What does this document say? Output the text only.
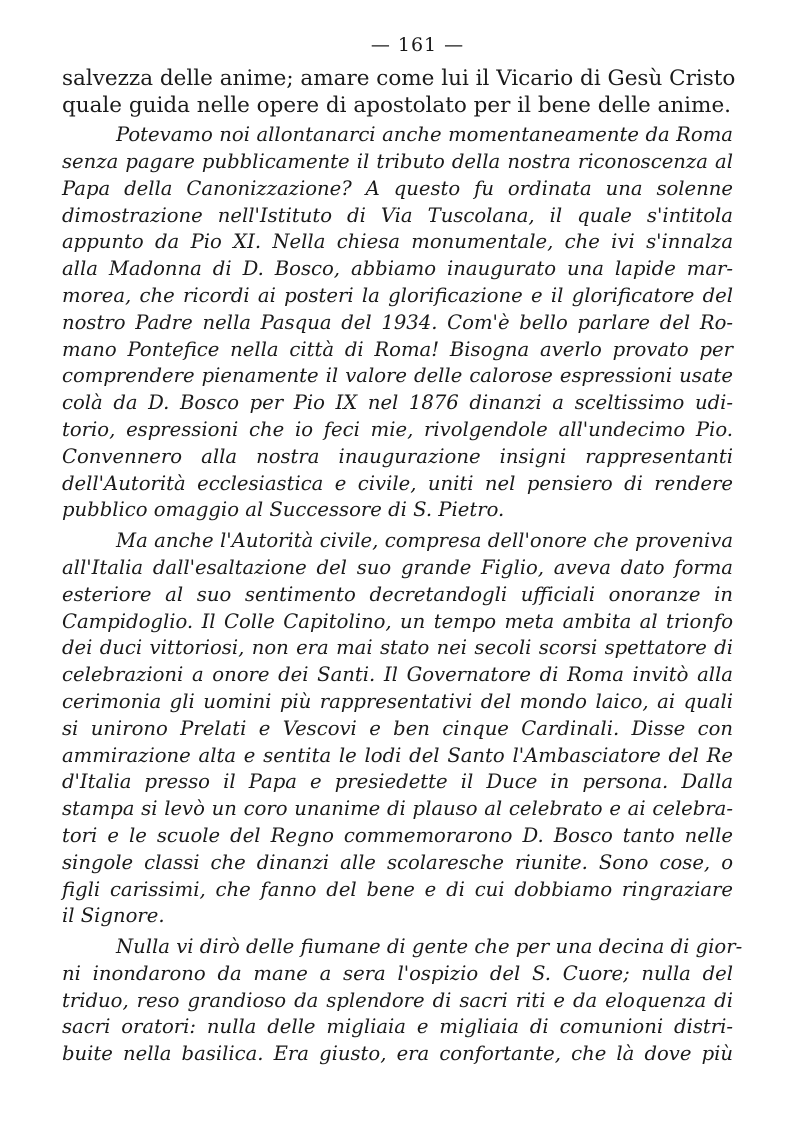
— 161 —
salvezza delle anime; amare come lui il Vicario di Gesù Cristo
quale guida nelle opere di apostolato per il bene delle anime.
Potevamo noi allontanarci anche momentaneamente da Roma
senza pagare pubblicamente il tributo della nostra riconoscenza al
Papa della Canonizzazione? A questo fu ordinata una solenne
dimostrazione nell'Istituto di Via Tuscolana, il quale s'intitola
appunto da Pio XI. Nella chiesa monumentale, che ivi s'innalza
alla Madonna di D. Bosco, abbiamo inaugurato una lapide mar-
morea, che ricordi ai posteri la glorificazione e il glorificatore del
nostro Padre nella Pasqua del 1934. Com'è bello parlare del Ro-
mano Pontefice nella città di Roma! Bisogna averlo provato per
comprendere pienamente il valore delle calorose espressioni usate
colà da D. Bosco per Pio IX nel 1876 dinanzi a sceltissimo udi-
torio, espressioni che io feci mie, rivolgendole all'undecimo Pio.
Convennero alla nostra inaugurazione insigni rappresentanti
dell'Autorità ecclesiastica e civile, uniti nel pensiero di rendere
pubblico omaggio al Successore di S. Pietro.
Ma anche l'Autorità civile, compresa dell'onore che proveniva
all'Italia dall'esaltazione del suo grande Figlio, aveva dato forma
esteriore al suo sentimento decretandogli ufficiali onoranze in
Campidoglio. Il Colle Capitolino, un tempo meta ambita al trionfo
dei duci vittoriosi, non era mai stato nei secoli scorsi spettatore di
celebrazioni a onore dei Santi. Il Governatore di Roma invitò alla
cerimonia gli uomini più rappresentativi del mondo laico, ai quali
si unirono Prelati e Vescovi e ben cinque Cardinali. Disse con
ammirazione alta e sentita le lodi del Santo l'Ambasciatore del Re
d'Italia presso il Papa e presiedette il Duce in persona. Dalla
stampa si levò un coro unanime di plauso al celebrato e ai celebra-
tori e le scuole del Regno commemorarono D. Bosco tanto nelle
singole classi che dinanzi alle scolaresche riunite. Sono cose, o
figli carissimi, che fanno del bene e di cui dobbiamo ringraziare
il Signore.
Nulla vi dirò delle fiumane di gente che per una decina di gior-
ni inondarono da mane a sera l'ospizio del S. Cuore; nulla del
triduo, reso grandioso da splendore di sacri riti e da eloquenza di
sacri oratori: nulla delle migliaia e migliaia di comunioni distri-
buite nella basilica. Era giusto, era confortante, che là dove più
